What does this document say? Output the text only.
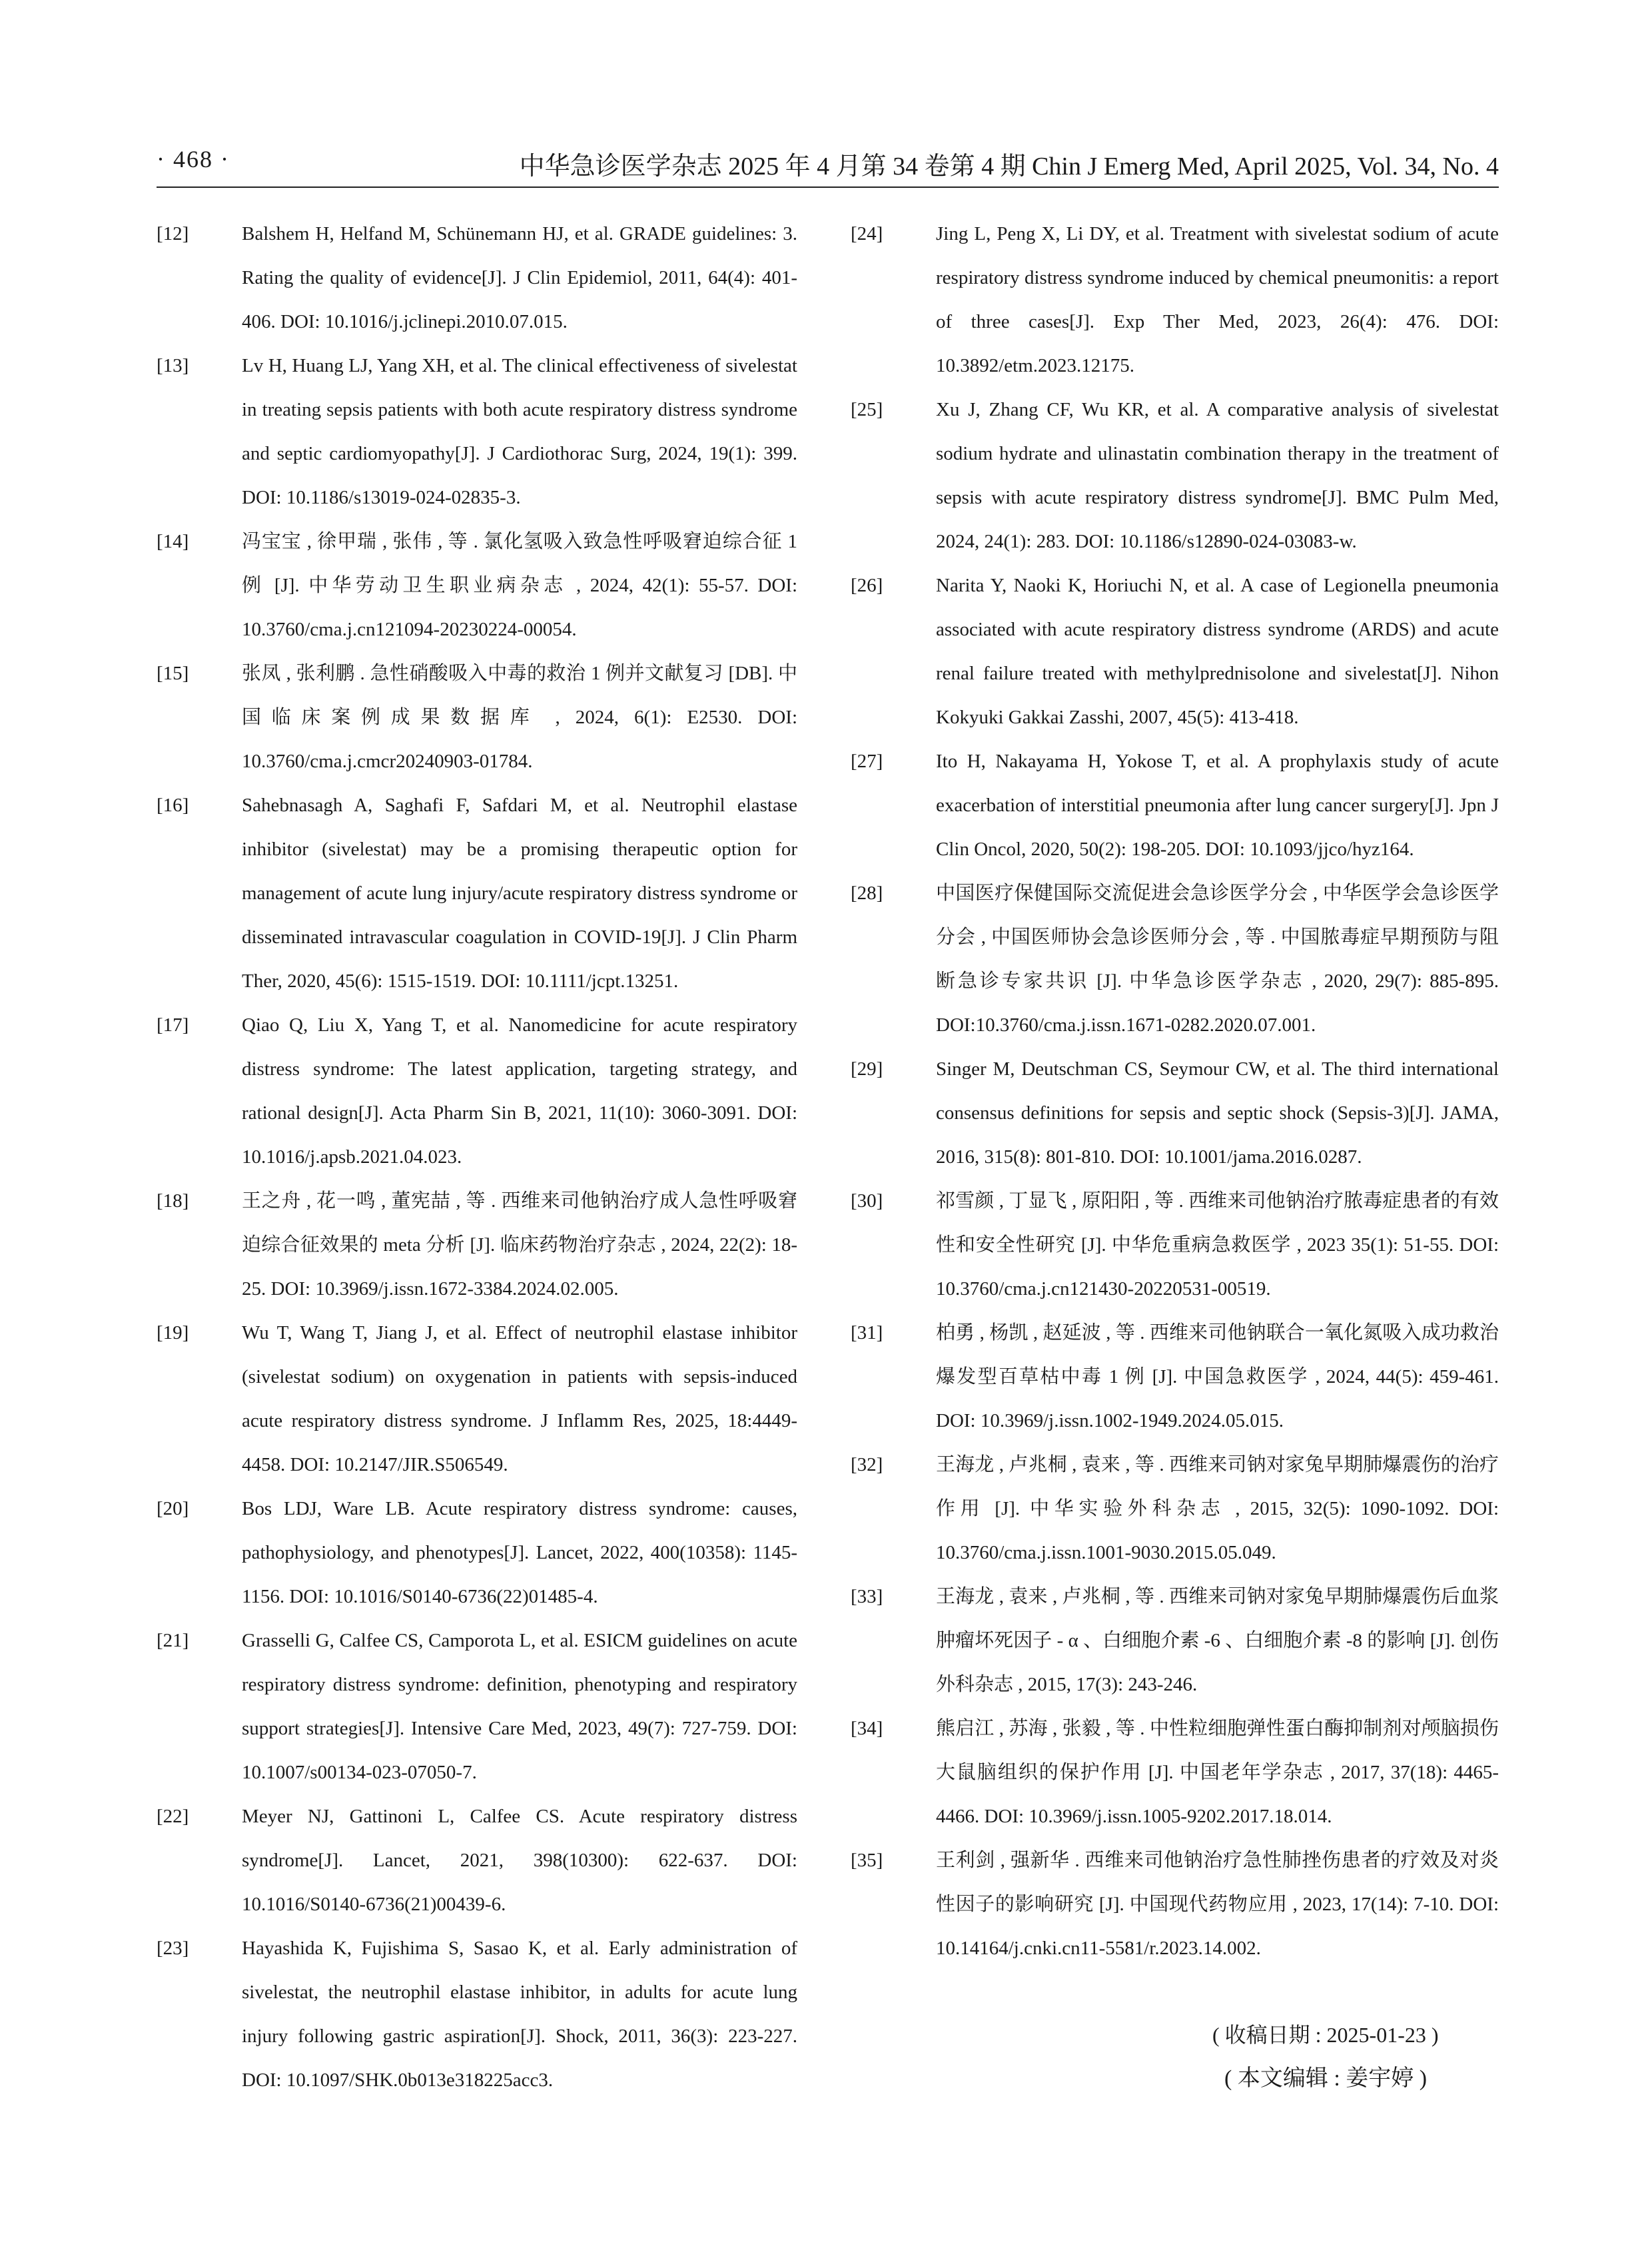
· 468 ·	中华急诊医学杂志 2025 年 4 月第 34 卷第 4 期 Chin J Emerg Med, April 2025, Vol. 34, No. 4
[12]	Balshem H, Helfand M, Schünemann HJ, et al. GRADE guidelines: 3. Rating the quality of evidence[J]. J Clin Epidemiol, 2011, 64(4): 401-406. DOI: 10.1016/j.jclinepi.2010.07.015.
[13]	Lv H, Huang LJ, Yang XH, et al. The clinical effectiveness of sivelestat in treating sepsis patients with both acute respiratory distress syndrome and septic cardiomyopathy[J]. J Cardiothorac Surg, 2024, 19(1): 399. DOI: 10.1186/s13019-024-02835-3.
[14]	冯宝宝 , 徐甲瑞 , 张伟 , 等 . 氯化氢吸入致急性呼吸窘迫综合征 1 例 [J]. 中华劳动卫生职业病杂志 , 2024, 42(1): 55-57. DOI: 10.3760/cma.j.cn121094-20230224-00054.
[15]	张凤 , 张利鹏 . 急性硝酸吸入中毒的救治 1 例并文献复习 [DB]. 中国临床案例成果数据库 , 2024, 6(1): E2530. DOI: 10.3760/cma.j.cmcr20240903-01784.
[16]	Sahebnasagh A, Saghafi F, Safdari M, et al. Neutrophil elastase inhibitor (sivelestat) may be a promising therapeutic option for management of acute lung injury/acute respiratory distress syndrome or disseminated intravascular coagulation in COVID-19[J]. J Clin Pharm Ther, 2020, 45(6): 1515-1519. DOI: 10.1111/jcpt.13251.
[17]	Qiao Q, Liu X, Yang T, et al. Nanomedicine for acute respiratory distress syndrome: The latest application, targeting strategy, and rational design[J]. Acta Pharm Sin B, 2021, 11(10): 3060-3091. DOI: 10.1016/j.apsb.2021.04.023.
[18]	王之舟 , 花一鸣 , 董宪喆 , 等 . 西维来司他钠治疗成人急性呼吸窘迫综合征效果的 meta 分析 [J]. 临床药物治疗杂志 , 2024, 22(2): 18-25. DOI: 10.3969/j.issn.1672-3384.2024.02.005.
[19]	Wu T, Wang T, Jiang J, et al. Effect of neutrophil elastase inhibitor (sivelestat sodium) on oxygenation in patients with sepsis-induced acute respiratory distress syndrome. J Inflamm Res, 2025, 18:4449-4458. DOI: 10.2147/JIR.S506549.
[20]	Bos LDJ, Ware LB. Acute respiratory distress syndrome: causes, pathophysiology, and phenotypes[J]. Lancet, 2022, 400(10358): 1145-1156. DOI: 10.1016/S0140-6736(22)01485-4.
[21]	Grasselli G, Calfee CS, Camporota L, et al. ESICM guidelines on acute respiratory distress syndrome: definition, phenotyping and respiratory support strategies[J]. Intensive Care Med, 2023, 49(7): 727-759. DOI: 10.1007/s00134-023-07050-7.
[22]	Meyer NJ, Gattinoni L, Calfee CS. Acute respiratory distress syndrome[J]. Lancet, 2021, 398(10300): 622-637. DOI: 10.1016/S0140-6736(21)00439-6.
[23]	Hayashida K, Fujishima S, Sasao K, et al. Early administration of sivelestat, the neutrophil elastase inhibitor, in adults for acute lung injury following gastric aspiration[J]. Shock, 2011, 36(3): 223-227. DOI: 10.1097/SHK.0b013e318225acc3.
[24]	Jing L, Peng X, Li DY, et al. Treatment with sivelestat sodium of acute respiratory distress syndrome induced by chemical pneumonitis: a report of three cases[J]. Exp Ther Med, 2023, 26(4): 476. DOI: 10.3892/etm.2023.12175.
[25]	Xu J, Zhang CF, Wu KR, et al. A comparative analysis of sivelestat sodium hydrate and ulinastatin combination therapy in the treatment of sepsis with acute respiratory distress syndrome[J]. BMC Pulm Med, 2024, 24(1): 283. DOI: 10.1186/s12890-024-03083-w.
[26]	Narita Y, Naoki K, Horiuchi N, et al. A case of Legionella pneumonia associated with acute respiratory distress syndrome (ARDS) and acute renal failure treated with methylprednisolone and sivelestat[J]. Nihon Kokyuki Gakkai Zasshi, 2007, 45(5): 413-418.
[27]	Ito H, Nakayama H, Yokose T, et al. A prophylaxis study of acute exacerbation of interstitial pneumonia after lung cancer surgery[J]. Jpn J Clin Oncol, 2020, 50(2): 198-205. DOI: 10.1093/jjco/hyz164.
[28]	中国医疗保健国际交流促进会急诊医学分会 , 中华医学会急诊医学分会 , 中国医师协会急诊医师分会 , 等 . 中国脓毒症早期预防与阻断急诊专家共识 [J]. 中华急诊医学杂志 , 2020, 29(7): 885-895. DOI:10.3760/cma.j.issn.1671-0282.2020.07.001.
[29]	Singer M, Deutschman CS, Seymour CW, et al. The third international consensus definitions for sepsis and septic shock (Sepsis-3)[J]. JAMA, 2016, 315(8): 801-810. DOI: 10.1001/jama.2016.0287.
[30]	祁雪颜 , 丁显飞 , 原阳阳 , 等 . 西维来司他钠治疗脓毒症患者的有效性和安全性研究 [J]. 中华危重病急救医学 , 2023 35(1): 51-55. DOI: 10.3760/cma.j.cn121430-20220531-00519.
[31]	柏勇 , 杨凯 , 赵延波 , 等 . 西维来司他钠联合一氧化氮吸入成功救治爆发型百草枯中毒 1 例 [J]. 中国急救医学 , 2024, 44(5): 459-461. DOI: 10.3969/j.issn.1002-1949.2024.05.015.
[32]	王海龙 , 卢兆桐 , 袁来 , 等 . 西维来司钠对家兔早期肺爆震伤的治疗作用 [J]. 中华实验外科杂志 , 2015, 32(5): 1090-1092. DOI: 10.3760/cma.j.issn.1001-9030.2015.05.049.
[33]	王海龙 , 袁来 , 卢兆桐 , 等 . 西维来司钠对家兔早期肺爆震伤后血浆肿瘤坏死因子 - α 、白细胞介素 -6 、白细胞介素 -8 的影响 [J]. 创伤外科杂志 , 2015, 17(3): 243-246.
[34]	熊启江 , 苏海 , 张毅 , 等 . 中性粒细胞弹性蛋白酶抑制剂对颅脑损伤大鼠脑组织的保护作用 [J]. 中国老年学杂志 , 2017, 37(18): 4465-4466. DOI: 10.3969/j.issn.1005-9202.2017.18.014.
[35]	王利剑 , 强新华 . 西维来司他钠治疗急性肺挫伤患者的疗效及对炎性因子的影响研究 [J]. 中国现代药物应用 , 2023, 17(14): 7-10. DOI: 10.14164/j.cnki.cn11-5581/r.2023.14.002.
( 收稿日期 : 2025-01-23 )
( 本文编辑 : 姜宇婷 )
